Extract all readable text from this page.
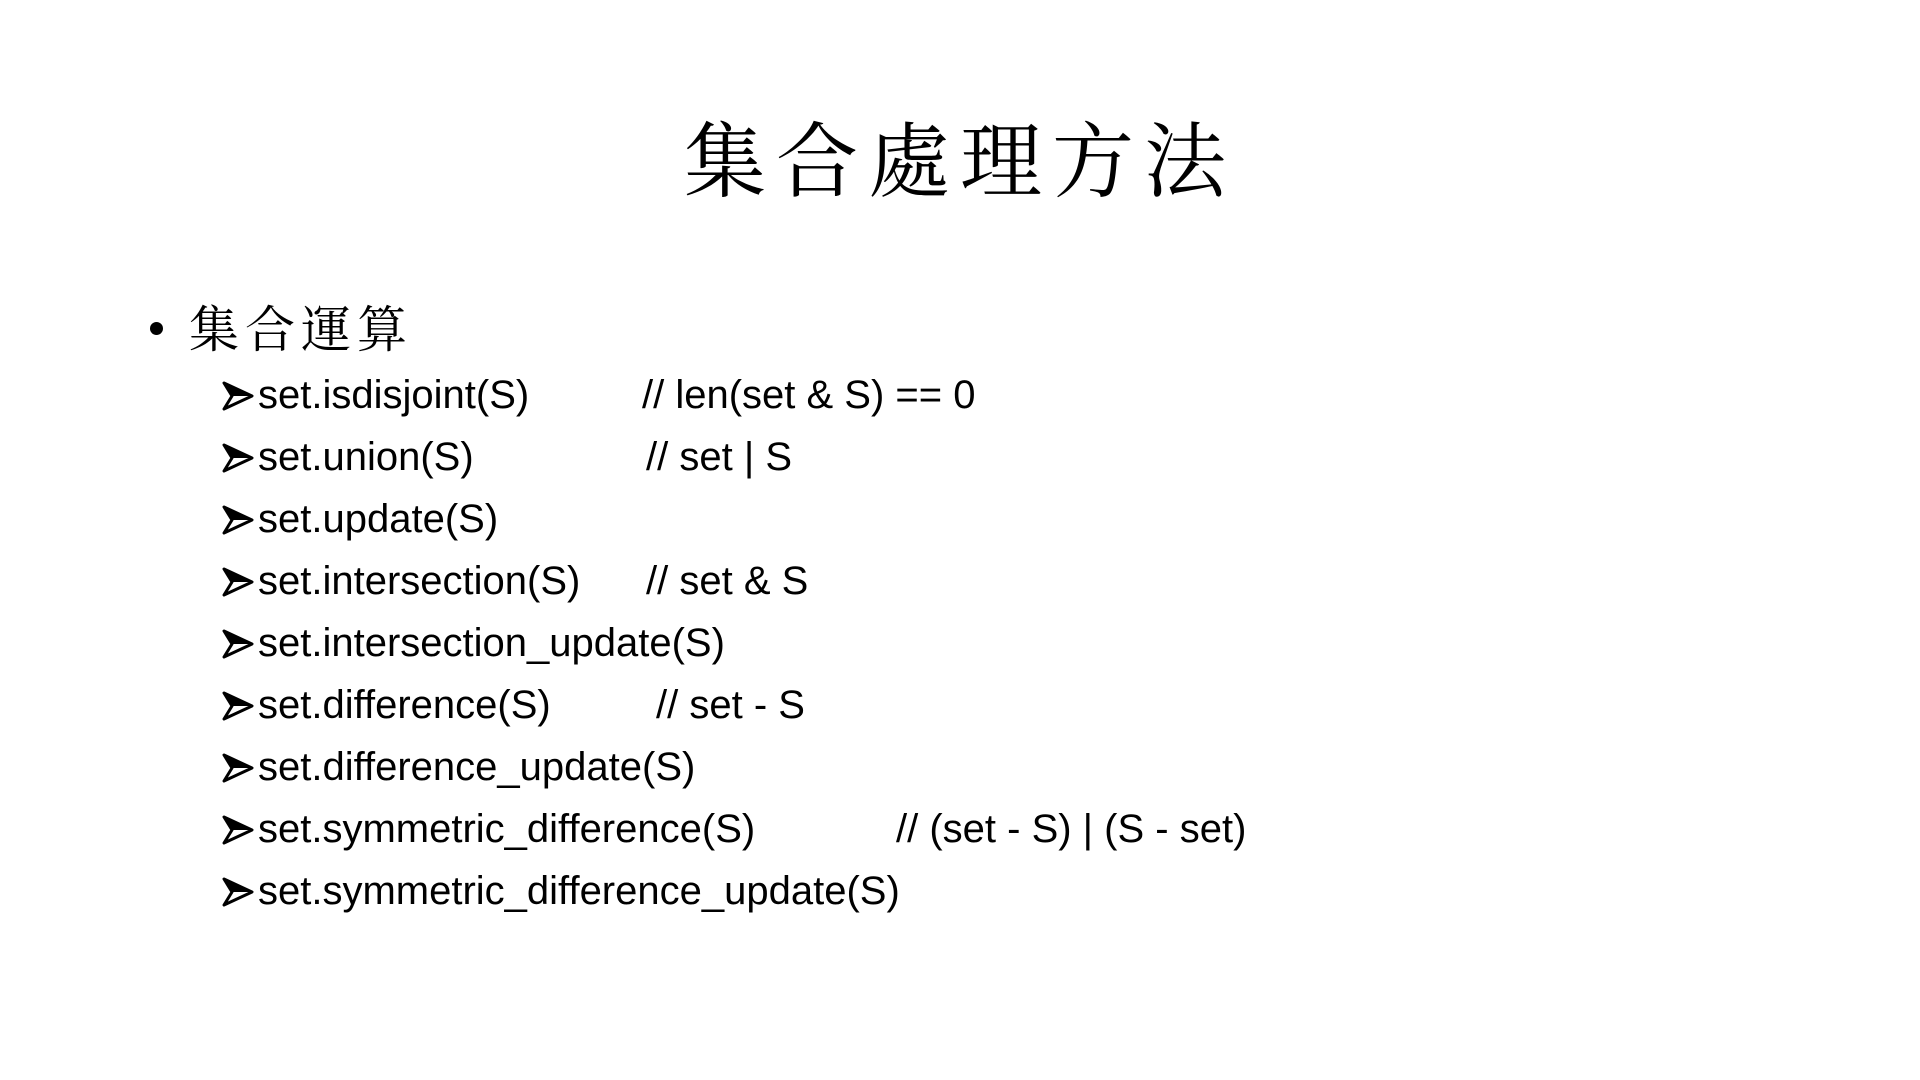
集合處理方法
集合運算
set.isdisjoint(S)	// len(set & S) == 0
set.union(S)	// set | S
set.update(S)
set.intersection(S) // set & S
set.intersection_update(S)
set.difference(S)	// set - S
set.difference_update(S)
set.symmetric_difference(S)	// (set - S) | (S - set)
set.symmetric_difference_update(S)
